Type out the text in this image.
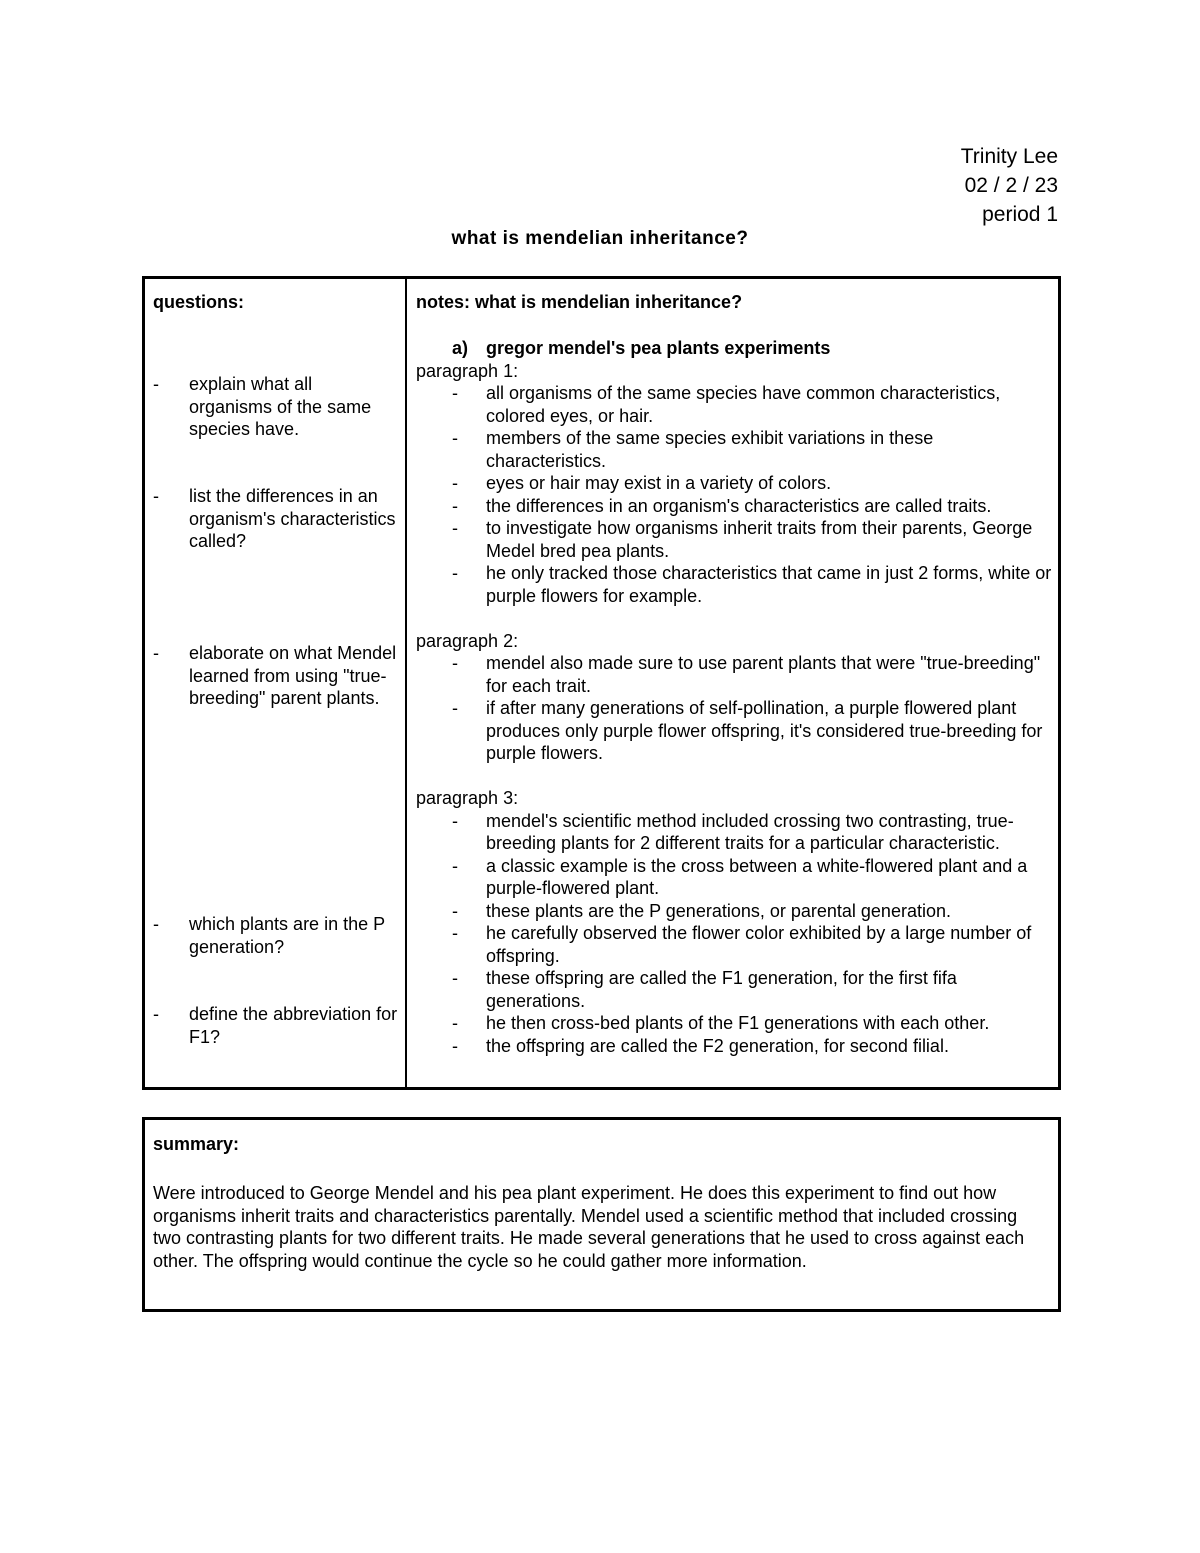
Trinity Lee
02 / 2 / 23
period 1
what is mendelian inheritance?
questions:
- explain what all organisms of the same species have.
- list the differences in an organism's characteristics called?
- elaborate on what Mendel learned from using "true-breeding" parent plants.
- which plants are in the P generation?
- define the abbreviation for F1?
notes: what is mendelian inheritance?
a) gregor mendel's pea plants experiments
paragraph 1:
- all organisms of the same species have common characteristics, colored eyes, or hair.
- members of the same species exhibit variations in these characteristics.
- eyes or hair may exist in a variety of colors.
- the differences in an organism's characteristics are called traits.
- to investigate how organisms inherit traits from their parents, George Medel bred pea plants.
- he only tracked those characteristics that came in just 2 forms, white or purple flowers for example.
paragraph 2:
- mendel also made sure to use parent plants that were "true-breeding" for each trait.
- if after many generations of self-pollination, a purple flowered plant produces only purple flower offspring, it's considered true-breeding for purple flowers.
paragraph 3:
- mendel's scientific method included crossing two contrasting, true-breeding plants for 2 different traits for a particular characteristic.
- a classic example is the cross between a white-flowered plant and a purple-flowered plant.
- these plants are the P generations, or parental generation.
- he carefully observed the flower color exhibited by a large number of offspring.
- these offspring are called the F1 generation, for the first fifa generations.
- he then cross-bed plants of the F1 generations with each other.
- the offspring are called the F2 generation, for second filial.
summary:
Were introduced to George Mendel and his pea plant experiment. He does this experiment to find out how organisms inherit traits and characteristics parentally. Mendel used a scientific method that included crossing two contrasting plants for two different traits. He made several generations that he used to cross against each other. The offspring would continue the cycle so he could gather more information.
